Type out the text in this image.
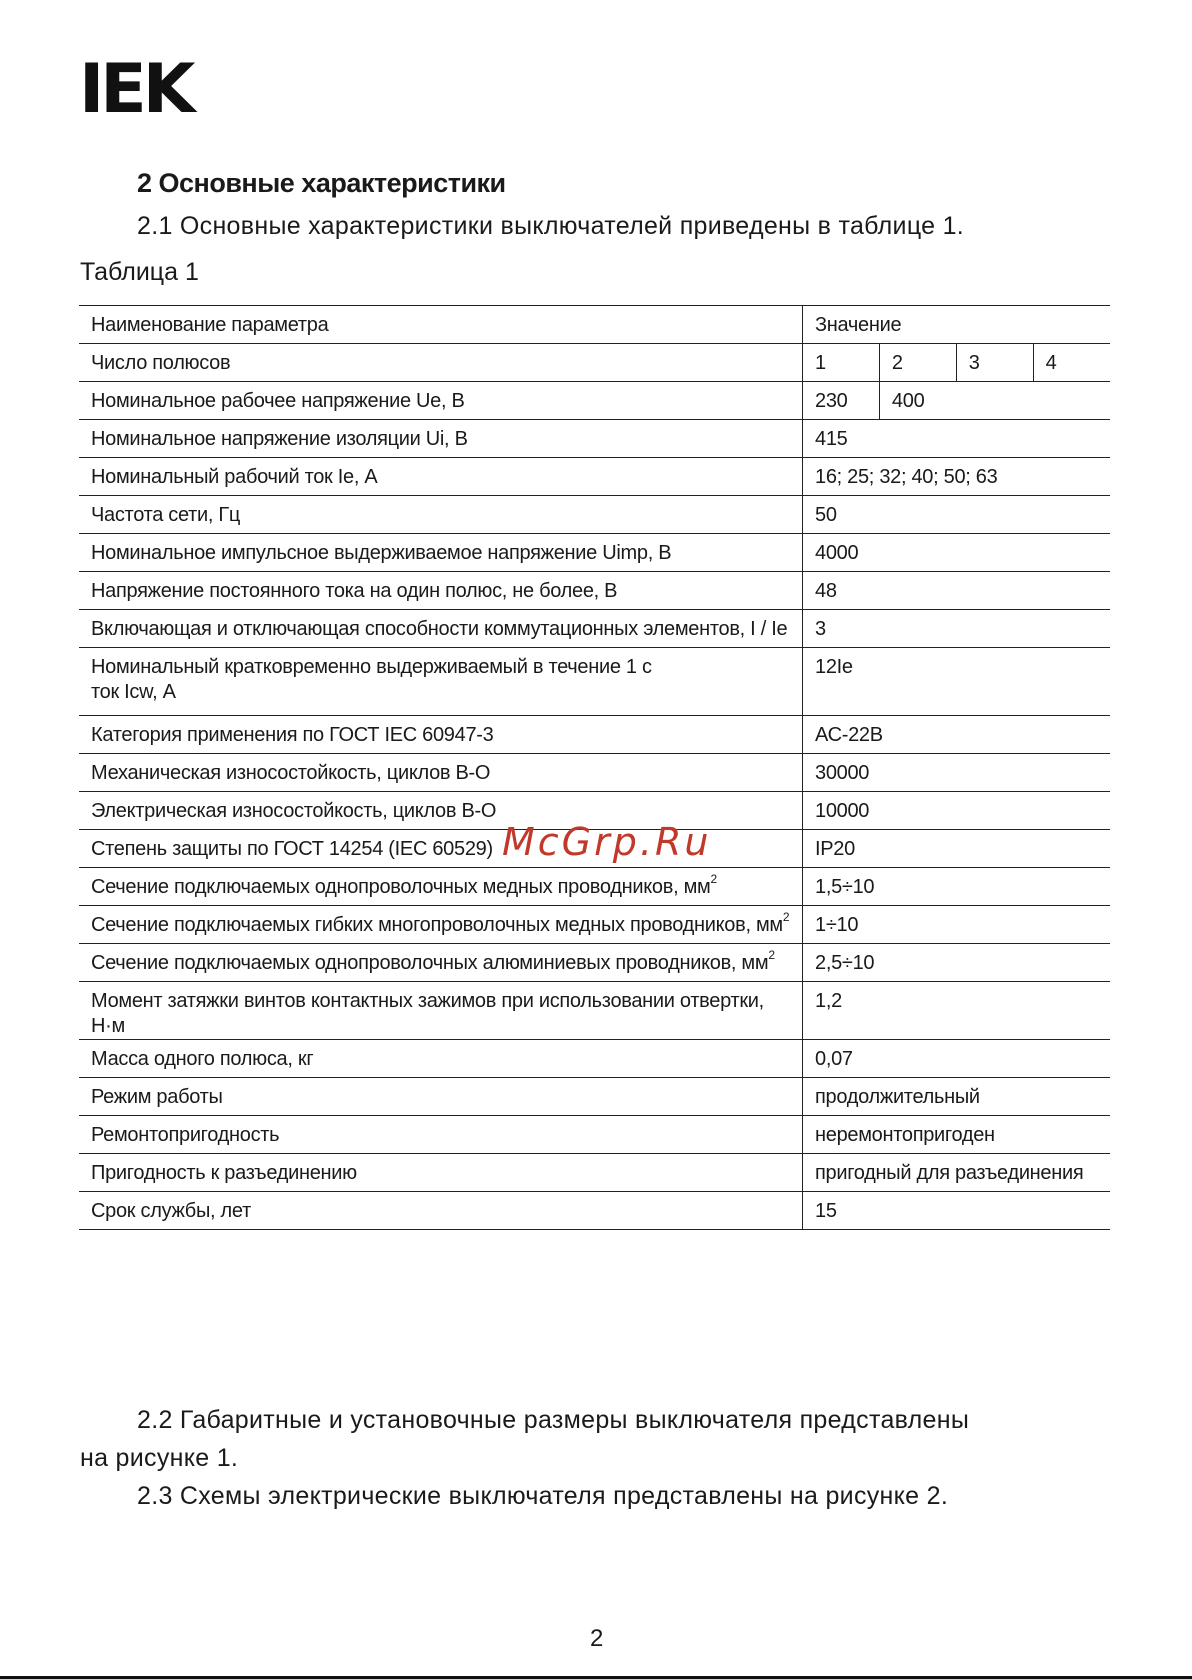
IEK
2 Основные характеристики
2.1 Основные характеристики выключателей приведены в таблице 1.
Таблица 1
Наименование параметра	Значение			
Число полюсов	1	2	3	4
Номинальное рабочее напряжение Ue, В	230	400		
Номинальное напряжение изоляции Ui, В	415			
Номинальный рабочий ток Ie, А	16; 25; 32; 40; 50; 63			
Частота сети, Гц	50			
Номинальное импульсное выдерживаемое напряжение Uimp, В	4000			
Напряжение постоянного тока на один полюс, не более, В	48			
Включающая и отключающая способности коммутационных элементов, I / Ie	3			

Номинальный кратковременно выдерживаемый в течение 1 с
ток Icw, А	12Ie			
Категория применения по ГОСТ IEC 60947-3	АС-22В			
Механическая износостойкость, циклов В-О	30000			
Электрическая износостойкость, циклов В-О	10000			
Степень защиты по ГОСТ 14254 (IEC 60529)	IP20			
Сечение подключаемых однопроволочных медных проводников, $мм^2$	1,5÷10			
Сечение подключаемых гибких многопроволочных медных проводников, $мм^2$	1÷10			
Сечение подключаемых однопроволочных алюминиевых проводников, $мм^2$	2,5÷10			
Момент затяжки винтов контактных зажимов при использовании отвертки, Н·м	1,2			
Масса одного полюса, кг	0,07			
Режим работы	продолжительный			
Ремонтопригодность	неремонтопригоден			
Пригодность к разъединению	пригодный для разъединения			
Срок службы, лет	15			
2.2 Габаритные и установочные размеры выключателя представлены
на рисунке 1.
2.3 Схемы электрические выключателя представлены на рисунке 2.
McGrp.Ru
2
